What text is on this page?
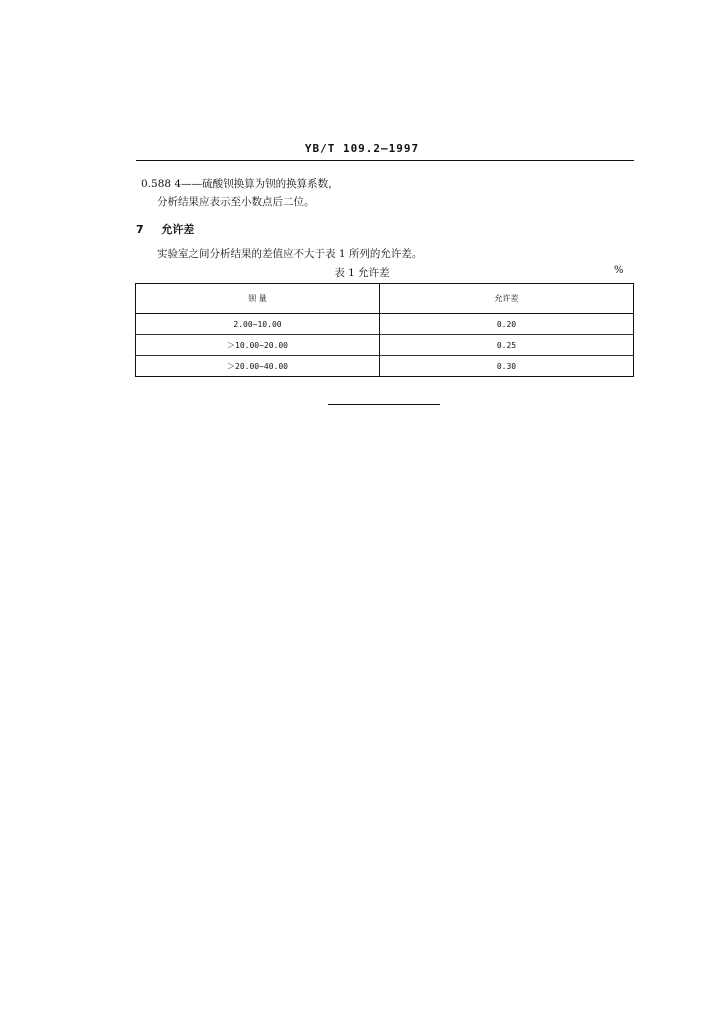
YB/T 109.2—1997
0.588 4——硫酸钡换算为钡的换算系数，
分析结果应表示至小数点后二位。
7 允许差
实验室之间分析结果的差值应不大于表 1 所列的允许差。
表 1 允许差	%
钡 量	允许差
2.00~10.00	0.20
＞10.00~20.00	0.25
＞20.00~40.00	0.30
